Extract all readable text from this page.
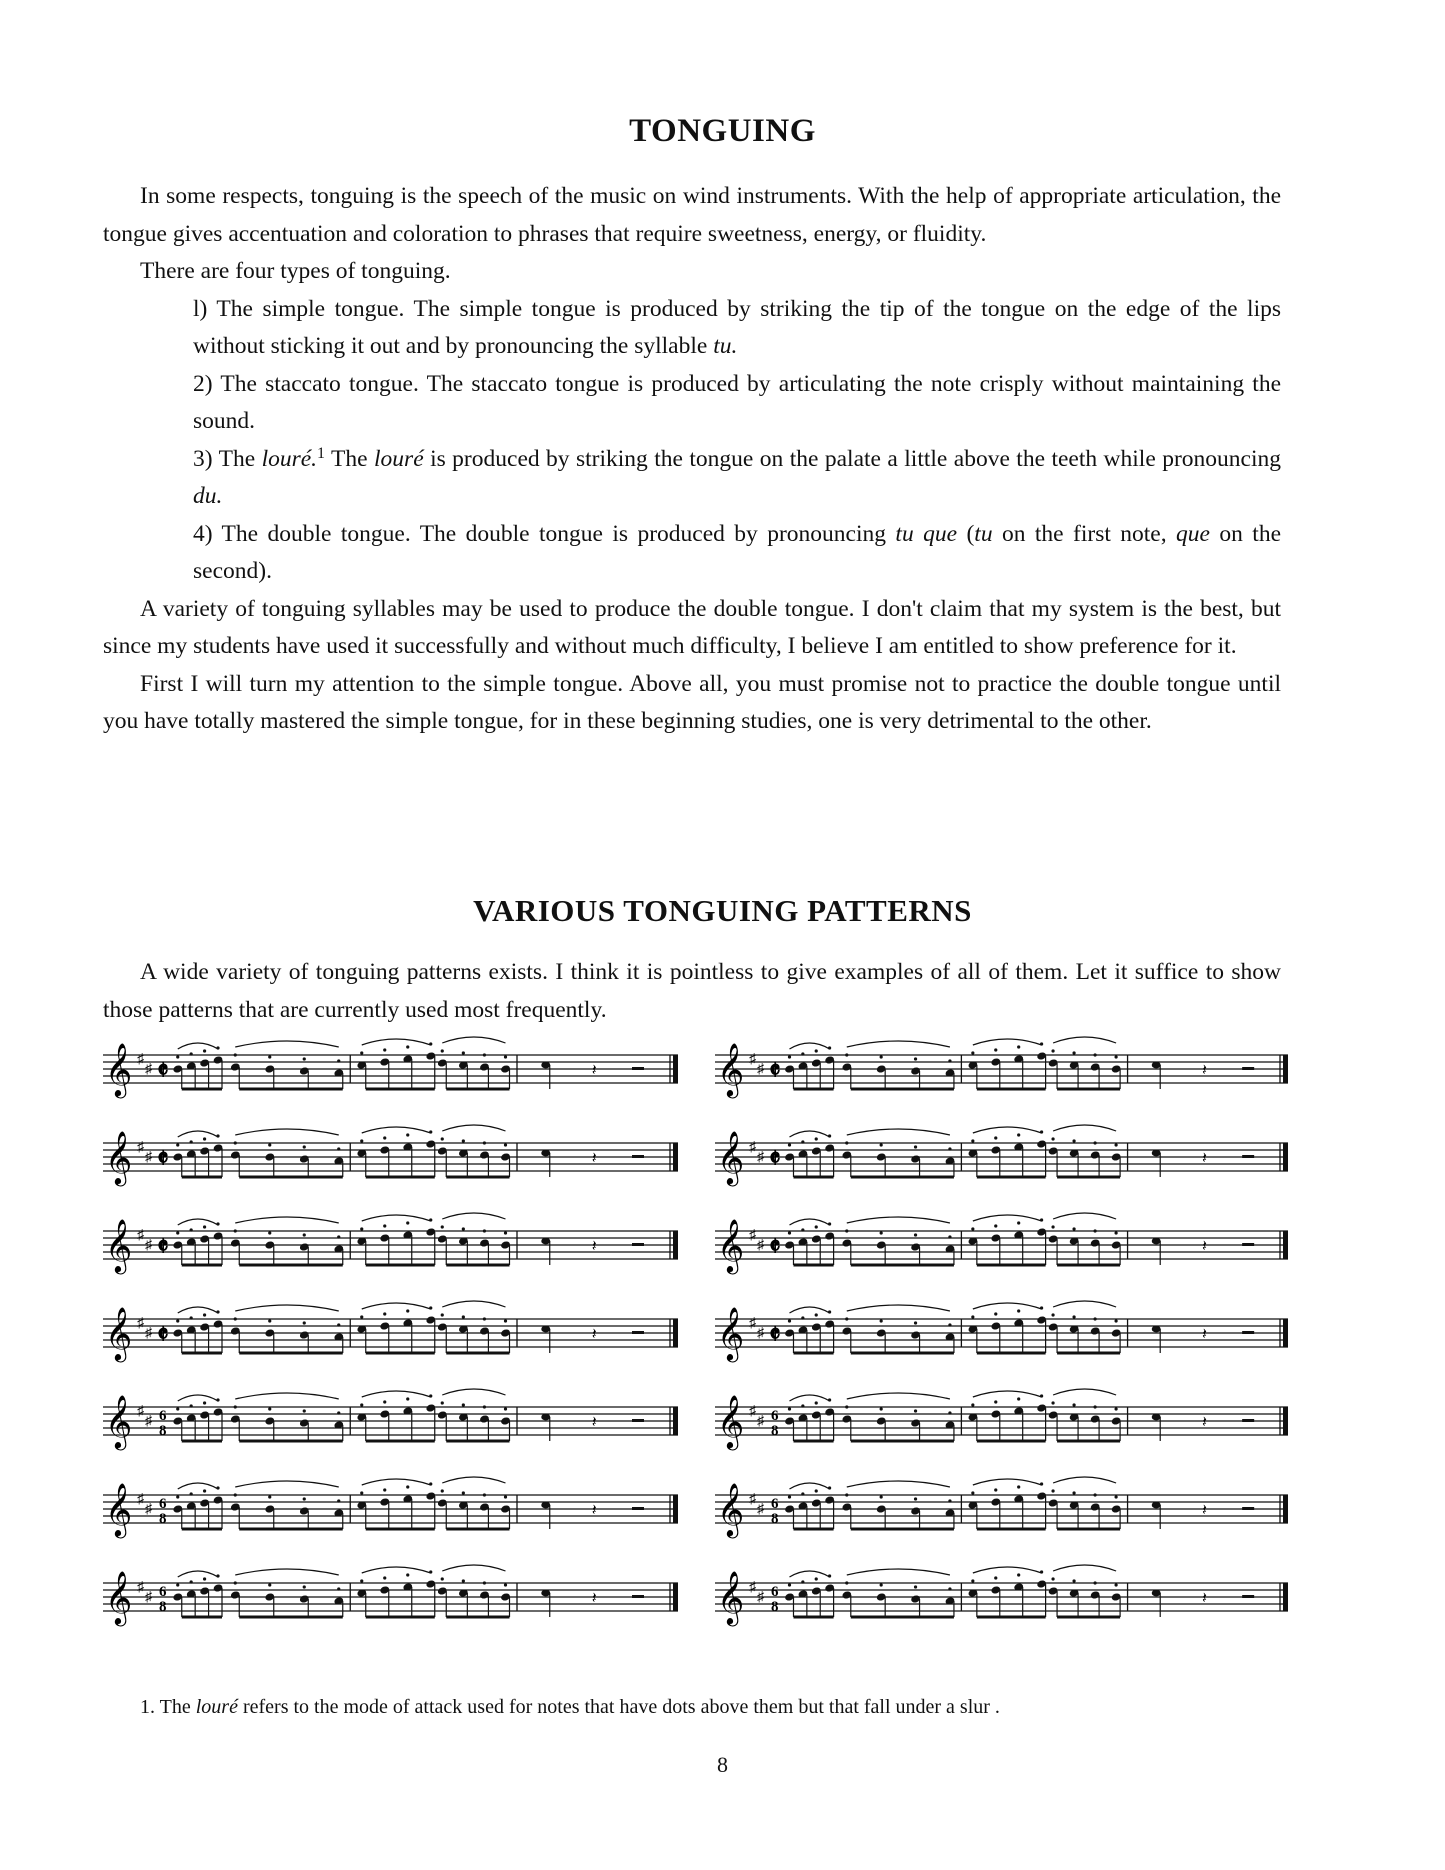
TONGUING

In some respects, tonguing is the speech of the music on wind instruments. With the help of appropriate articulation, the tongue gives accentuation and coloration to phrases that require sweetness, energy, or fluidity.

There are four types of tonguing.

l) The simple tongue. The simple tongue is produced by striking the tip of the tongue on the edge of the lips without sticking it out and by pronouncing the syllable tu.

2) The staccato tongue. The staccato tongue is produced by articulating the note crisply without maintaining the sound.

3) The louré.$^1$ The louré is produced by striking the tongue on the palate a little above the teeth while pronouncing du.

4) The double tongue. The double tongue is produced by pronouncing tu que (tu on the first note, que on the second).

A variety of tonguing syllables may be used to produce the double tongue. I don't claim that my system is the best, but since my students have used it successfully and without much difficulty, I believe I am entitled to show preference for it.

First I will turn my attention to the simple tongue. Above all, you must promise not to practice the double tongue until you have totally mastered the simple tongue, for in these beginning studies, one is very detrimental to the other.

VARIOUS TONGUING PATTERNS

A wide variety of tonguing patterns exists. I think it is pointless to give examples of all of them. Let it suffice to show those patterns that are currently used most frequently.

𝄞 ♯
♯ 𝄵	𝄽	𝄞 ♯
♯ 𝄵	𝄽
𝄞 ♯
♯ 𝄵	𝄽	𝄞 ♯
♯ 𝄵	𝄽
𝄞 ♯
♯ 𝄵	𝄽	𝄞 ♯
♯ 𝄵	𝄽
𝄞 ♯
♯ 𝄵	𝄽	𝄞 ♯
♯ 𝄵	𝄽
𝄞 ♯
♯ 6
8	𝄽	𝄞 ♯
♯ 6
8	𝄽
𝄞 ♯
♯ 6
8	𝄽	𝄞 ♯
♯ 6
8	𝄽
𝄞 ♯
♯ 6
8	𝄽	𝄞 ♯
♯ 6
8	𝄽
1. The louré refers to the mode of attack used for notes that have dots above them but that fall under a slur .
8
